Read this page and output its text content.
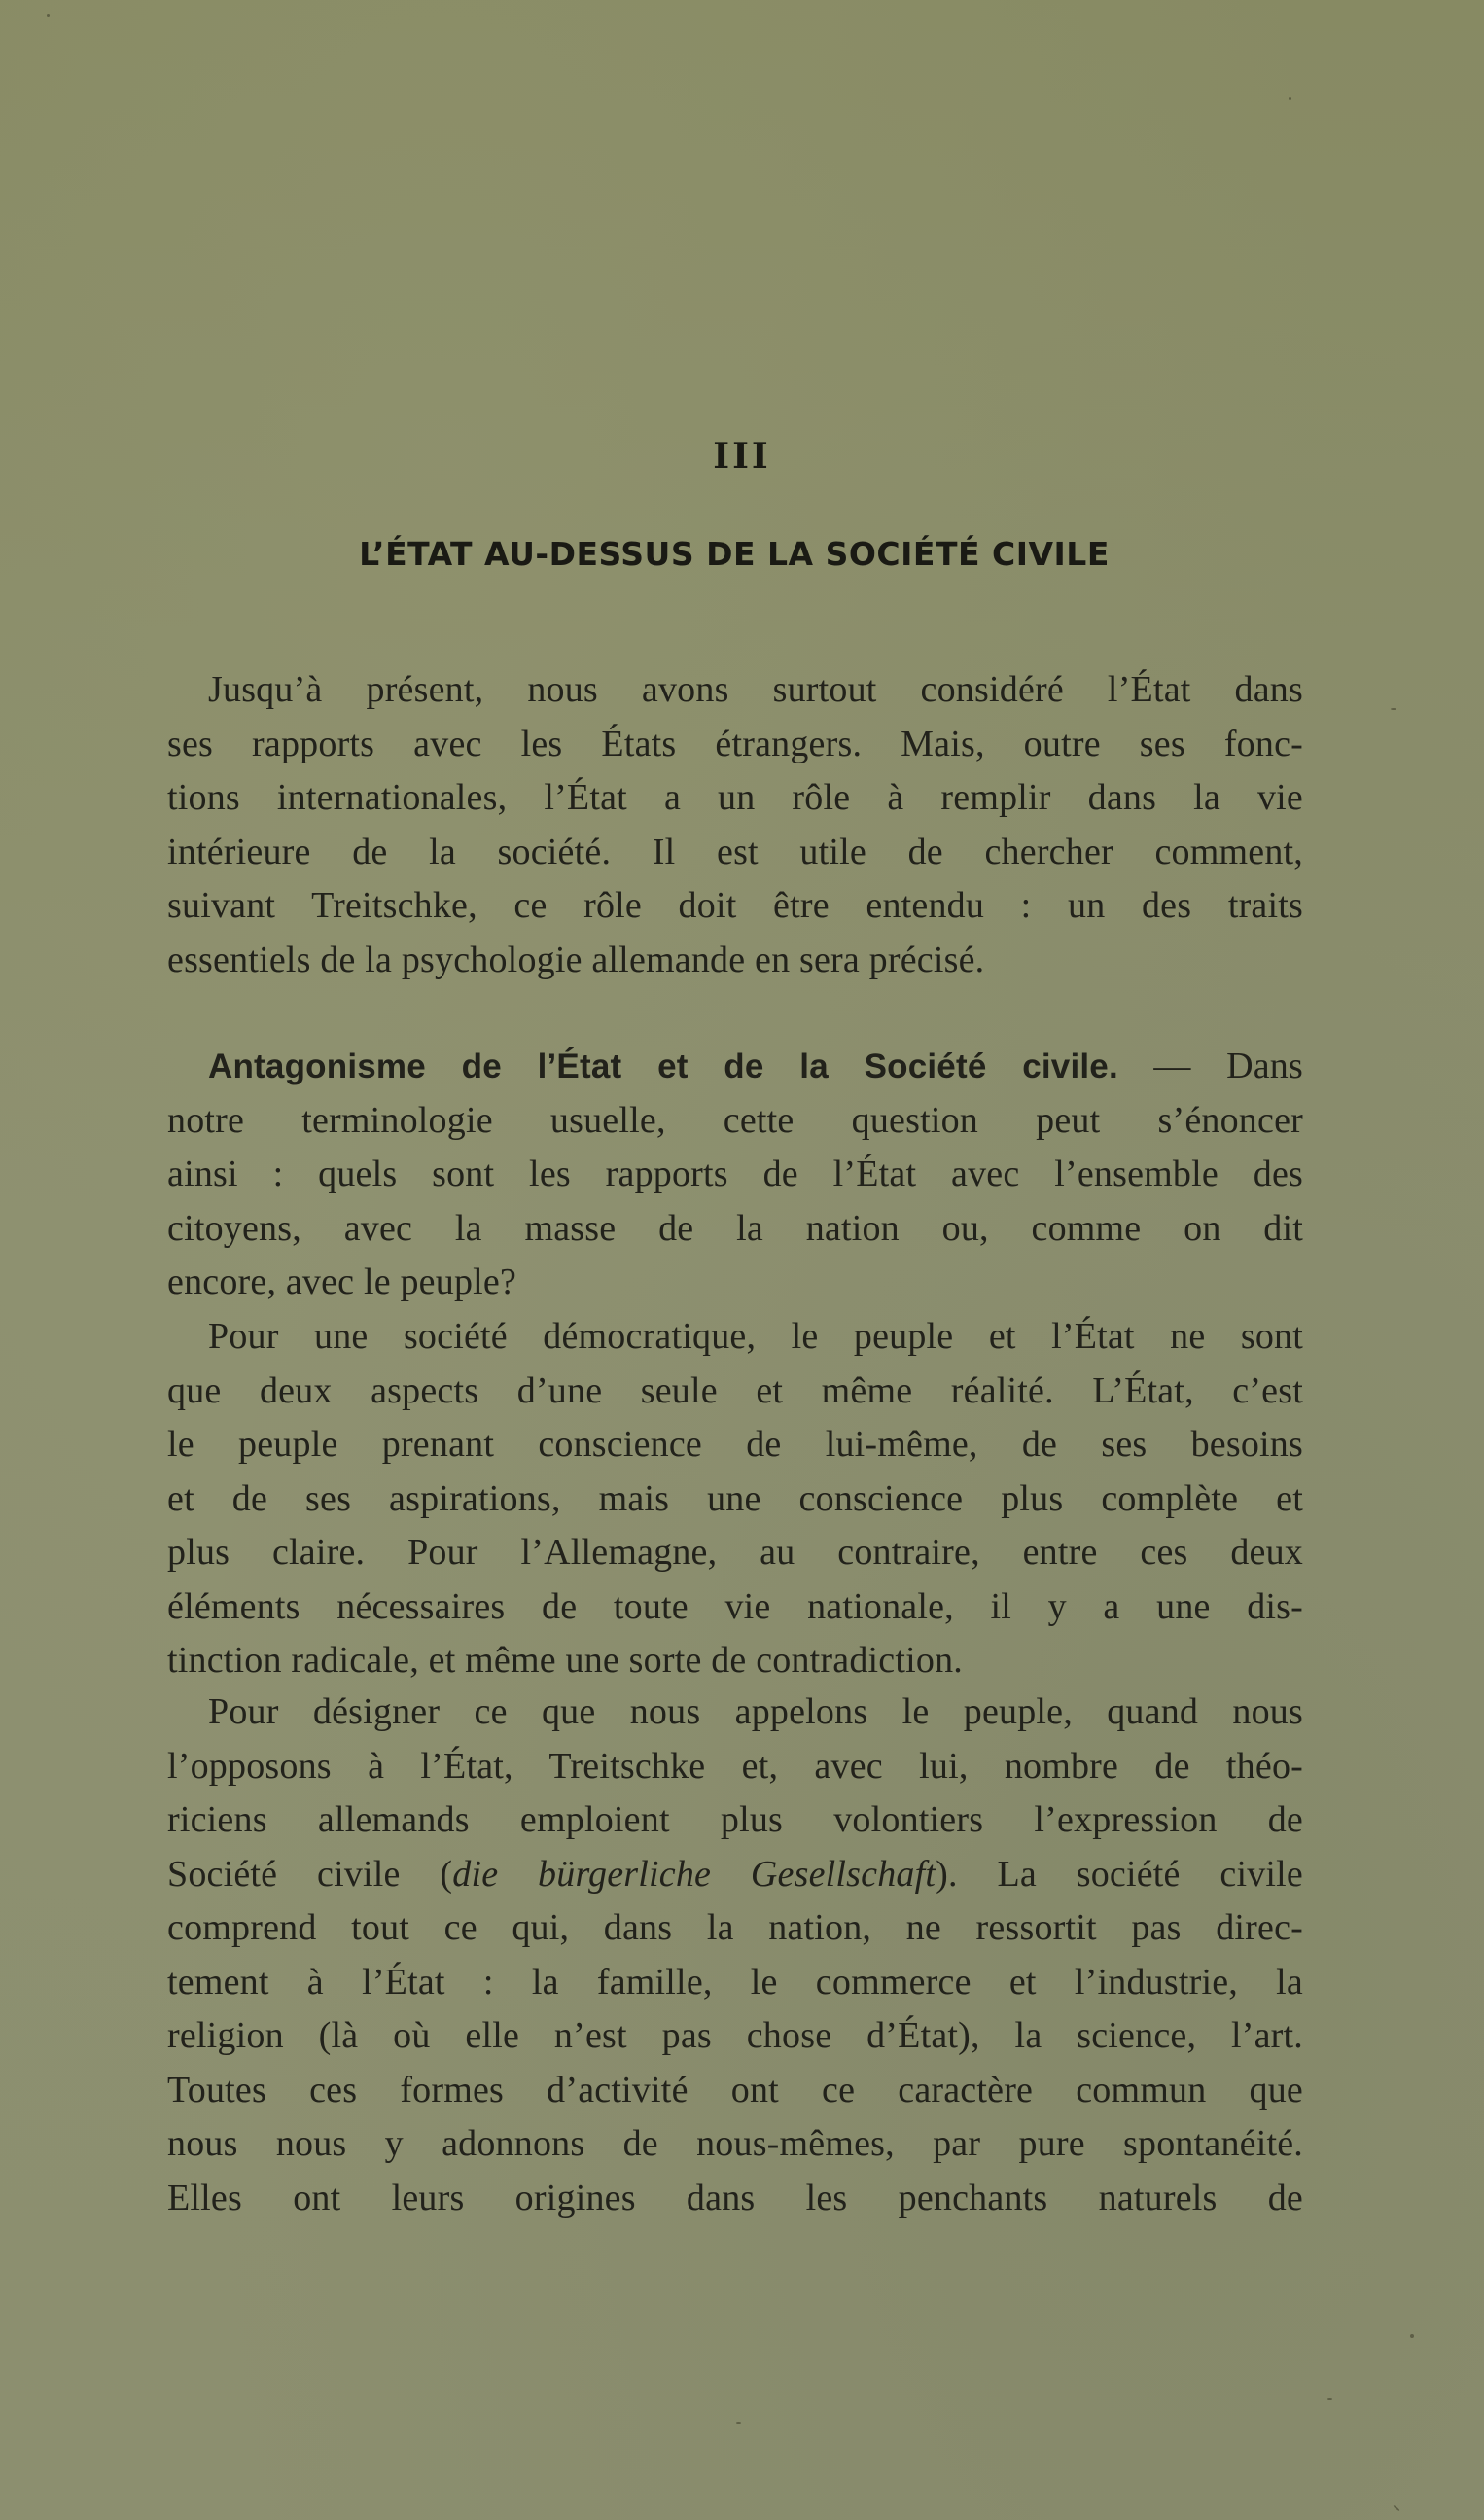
III
L’ÉTAT AU-DESSUS DE LA SOCIÉTÉ CIVILE
Jusqu’à présent, nous avons surtout considéré l’État dans
ses rapports avec les États étrangers. Mais, outre ses fonc-
tions internationales, l’État a un rôle à remplir dans la vie
intérieure de la société. Il est utile de chercher comment,
suivant Treitschke, ce rôle doit être entendu : un des traits
essentiels de la psychologie allemande en sera précisé.
Antagonisme de l’État et de la Société civile. — Dans
notre terminologie usuelle, cette question peut s’énoncer
ainsi : quels sont les rapports de l’État avec l’ensemble des
citoyens, avec la masse de la nation ou, comme on dit
encore, avec le peuple?
Pour une société démocratique, le peuple et l’État ne sont
que deux aspects d’une seule et même réalité. L’État, c’est
le peuple prenant conscience de lui-même, de ses besoins
et de ses aspirations, mais une conscience plus complète et
plus claire. Pour l’Allemagne, au contraire, entre ces deux
éléments nécessaires de toute vie nationale, il y a une dis-
tinction radicale, et même une sorte de contradiction.
Pour désigner ce que nous appelons le peuple, quand nous
l’opposons à l’État, Treitschke et, avec lui, nombre de théo-
riciens allemands emploient plus volontiers l’expression de
Société civile (die bürgerliche Gesellschaft). La société civile
comprend tout ce qui, dans la nation, ne ressortit pas direc-
tement à l’État : la famille, le commerce et l’industrie, la
religion (là où elle n’est pas chose d’État), la science, l’art.
Toutes ces formes d’activité ont ce caractère commun que
nous nous y adonnons de nous-mêmes, par pure spontanéité.
Elles ont leurs origines dans les penchants naturels de
